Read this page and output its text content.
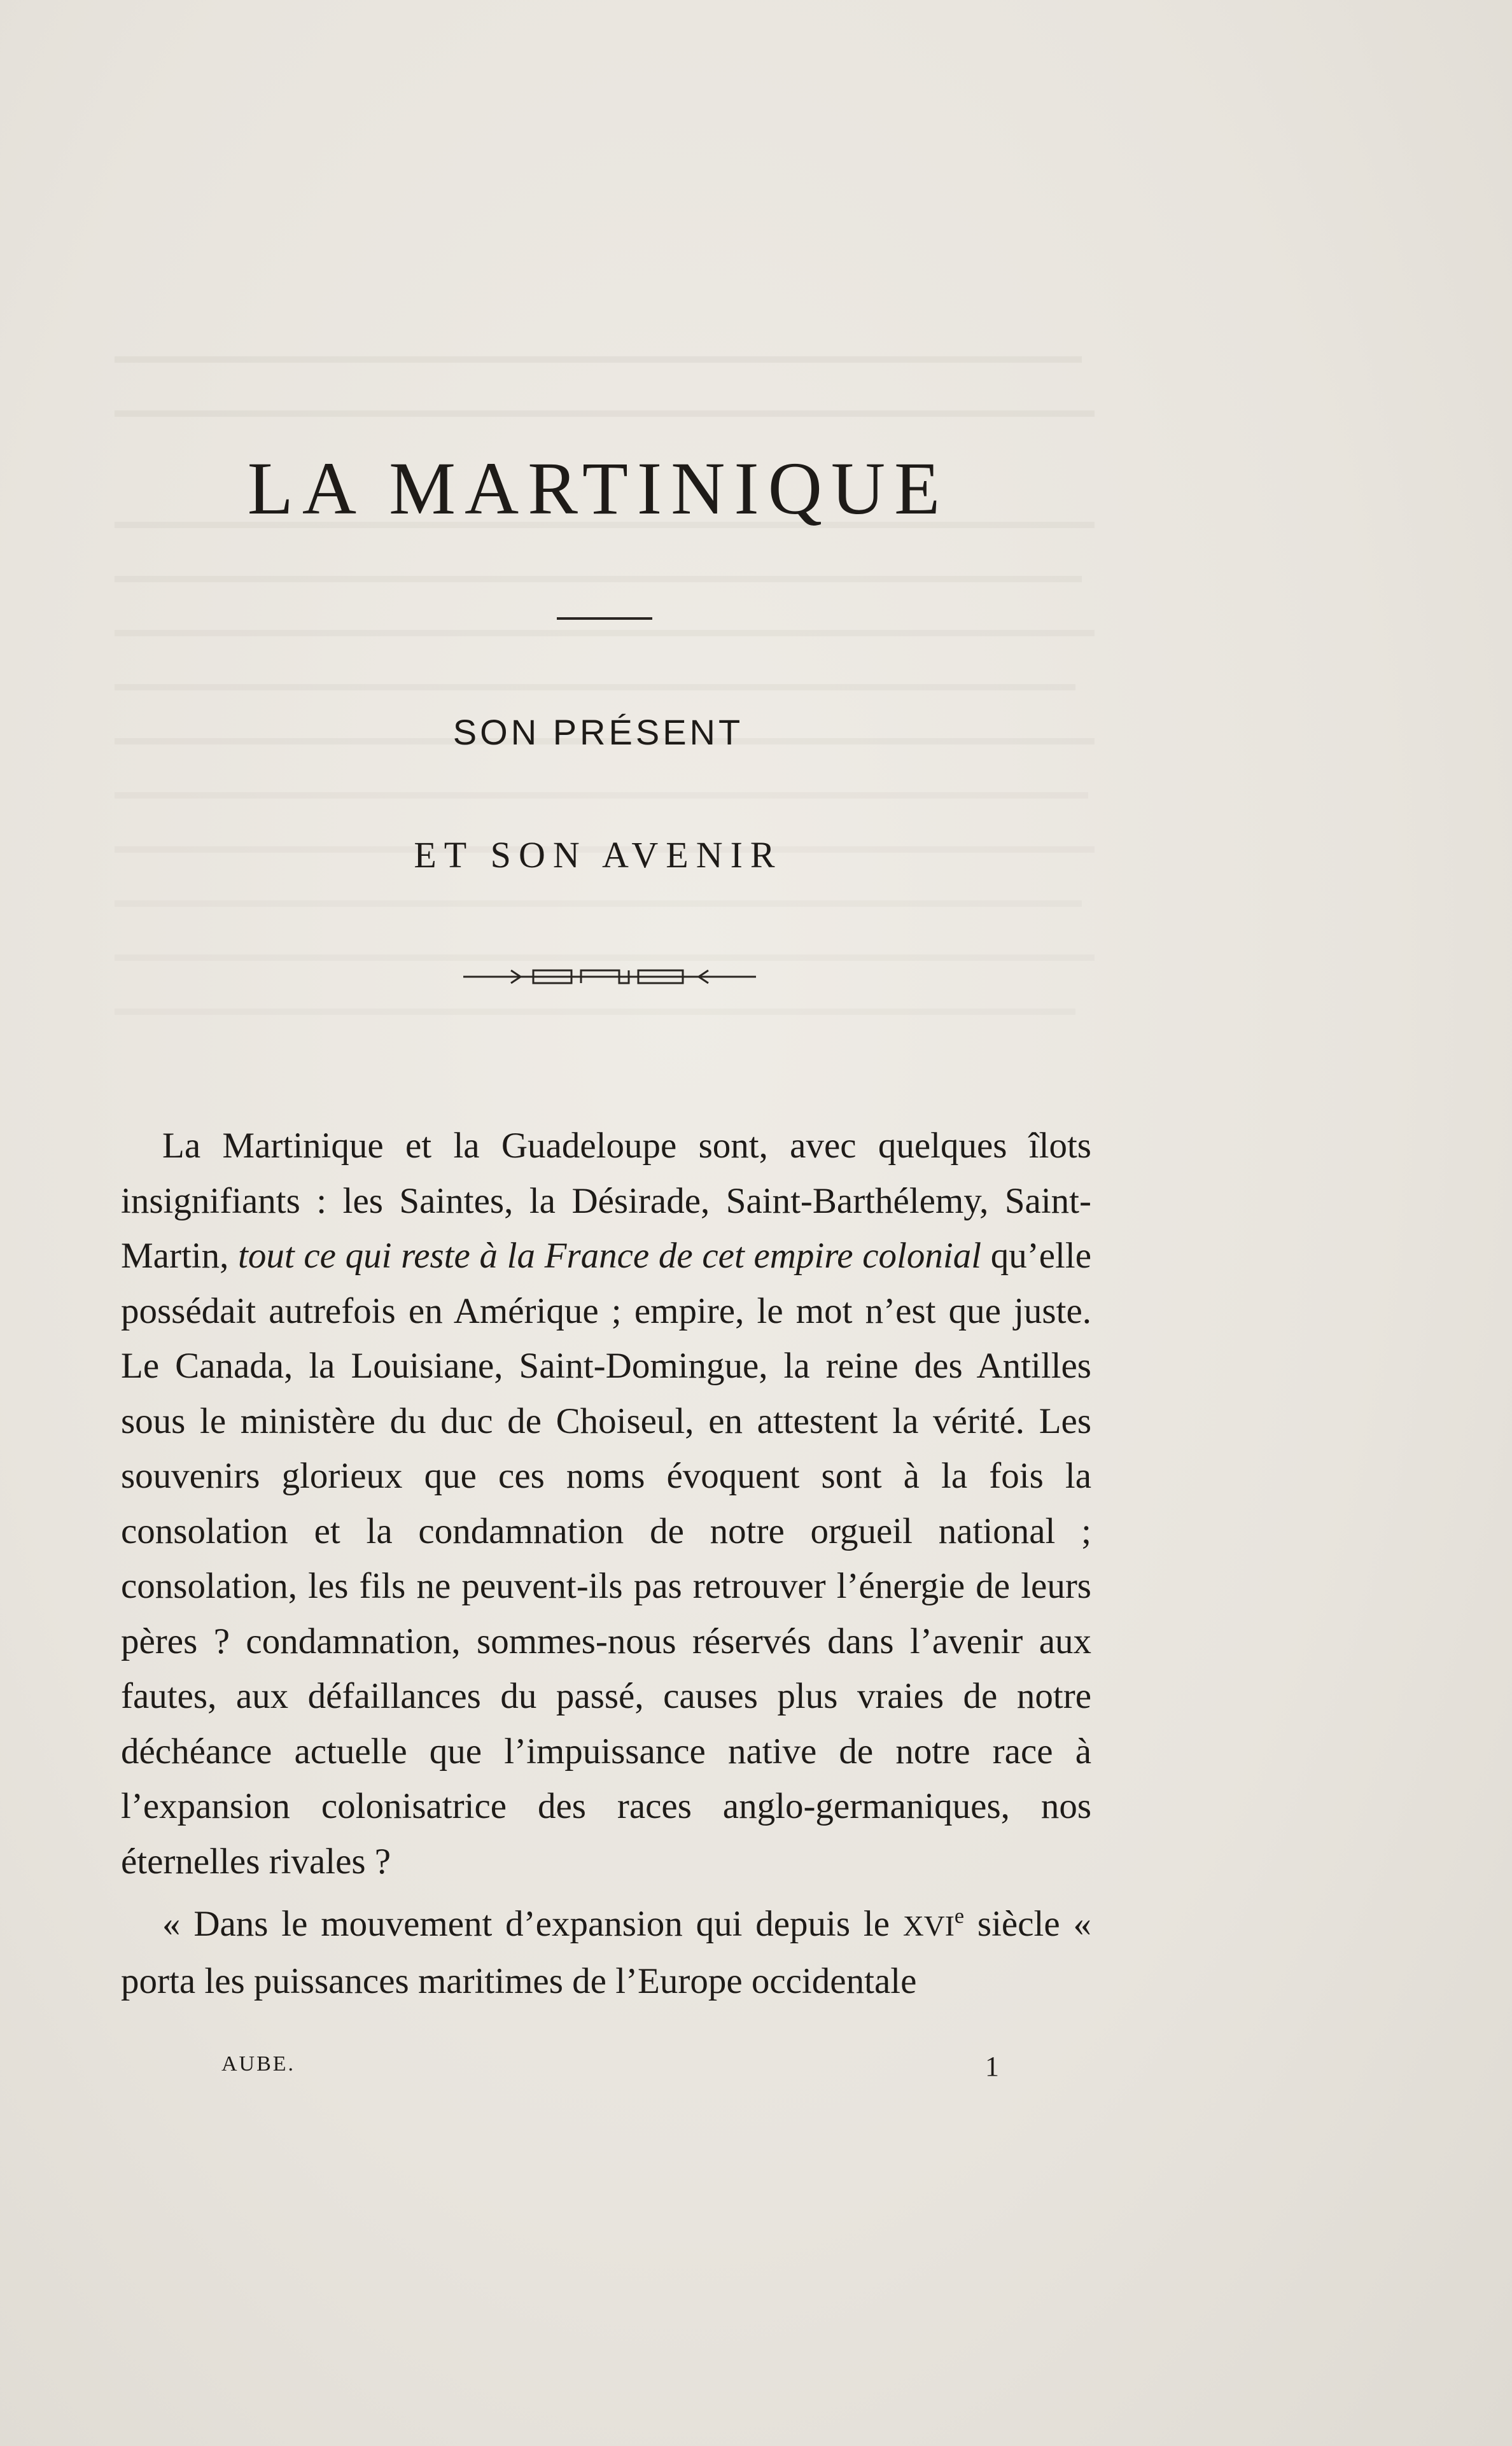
LA MARTINIQUE
SON PRÉSENT
ET SON AVENIR

La Martinique et la Guadeloupe sont, avec quelques îlots insignifiants : les Saintes, la Désirade, Saint-Barthélemy, Saint-Martin, tout ce qui reste à la France de cet empire colonial qu’elle possédait autrefois en Amérique ; empire, le mot n’est que juste. Le Canada, la Louisiane, Saint-Domingue, la reine des Antilles sous le ministère du duc de Choiseul, en attestent la vérité. Les souvenirs glorieux que ces noms évoquent sont à la fois la consolation et la condamnation de notre orgueil national ; consolation, les fils ne peuvent-ils pas retrouver l’énergie de leurs pères ? condamnation, sommes-nous réservés dans l’avenir aux fautes, aux défaillances du passé, causes plus vraies de notre déchéance actuelle que l’impuissance native de notre race à l’expansion colonisatrice des races anglo-germaniques, nos éternelles rivales ?

« Dans le mouvement d’expansion qui depuis le XVIe siècle « porta les puissances maritimes de l’Europe occidentale

AUBE.	1
